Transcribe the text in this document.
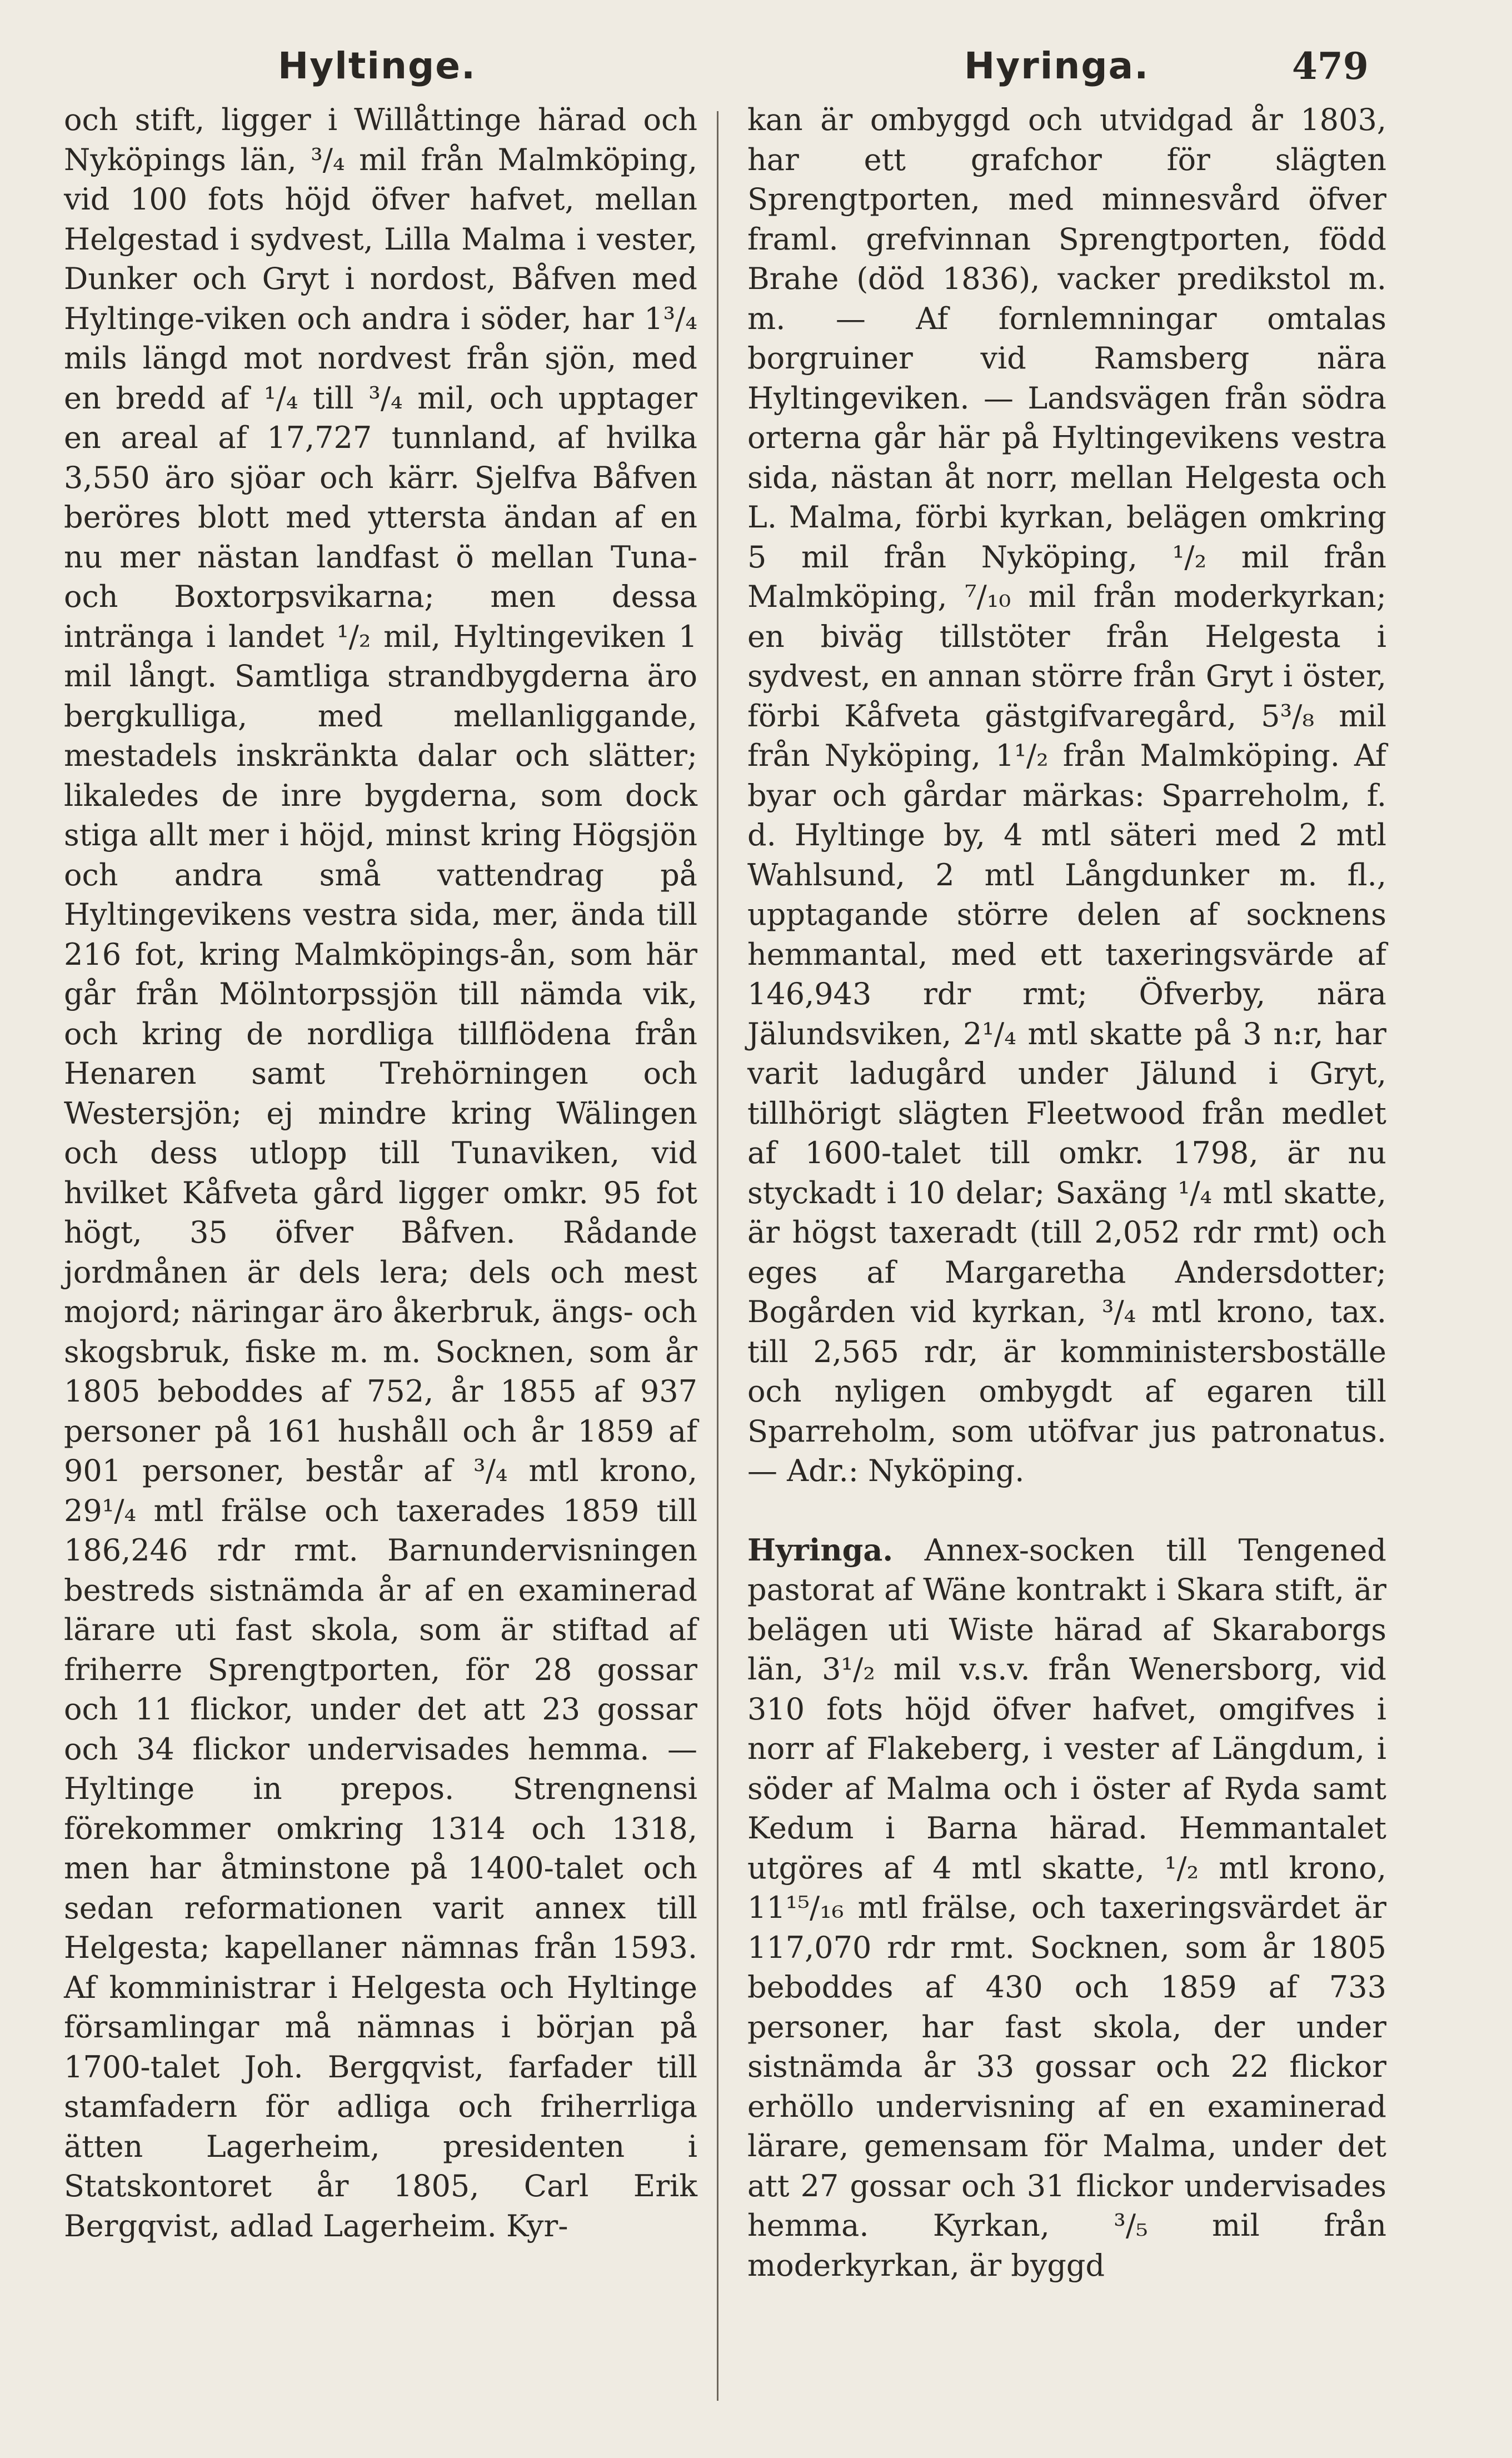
Hyltinge.	Hyringa.	479

och stift, ligger i Willåttinge härad och Nyköpings län, ³/₄ mil från Malmköping, vid 100 fots höjd öfver hafvet, mellan Helgestad i sydvest, Lilla Malma i vester, Dunker och Gryt i nordost, Båfven med Hyltinge-viken och andra i söder, har 1³/₄ mils längd mot nordvest från sjön, med en bredd af ¹/₄ till ³/₄ mil, och upptager en areal af 17,727 tunnland, af hvilka 3,550 äro sjöar och kärr. Sjelfva Båfven beröres blott med yttersta ändan af en nu mer nästan landfast ö mellan Tuna- och Boxtorpsvikarna; men dessa intränga i landet ¹/₂ mil, Hyltingeviken 1 mil långt. Samtliga strandbygderna äro bergkulliga, med mellanliggande, mestadels inskränkta dalar och slätter; likaledes de inre bygderna, som dock stiga allt mer i höjd, minst kring Högsjön och andra små vattendrag på Hyltingevikens vestra sida, mer, ända till 216 fot, kring Malmköpings-ån, som här går från Mölntorpssjön till nämda vik, och kring de nordliga tillflödena från Henaren samt Trehörningen och Westersjön; ej mindre kring Wälingen och dess utlopp till Tunaviken, vid hvilket Kåfveta gård ligger omkr. 95 fot högt, 35 öfver Båfven. Rådande jordmånen är dels lera; dels och mest mojord; näringar äro åkerbruk, ängs- och skogsbruk, fiske m. m. Socknen, som år 1805 beboddes af 752, år 1855 af 937 personer på 161 hushåll och år 1859 af 901 personer, består af ³/₄ mtl krono, 29¹/₄ mtl frälse och taxerades 1859 till 186,246 rdr rmt. Barnundervisningen bestreds sistnämda år af en examinerad lärare uti fast skola, som är stiftad af friherre Sprengtporten, för 28 gossar och 11 flickor, under det att 23 gossar och 34 flickor undervisades hemma. — Hyltinge in prepos. Strengnensi förekommer omkring 1314 och 1318, men har åtminstone på 1400-talet och sedan reformationen varit annex till Helgesta; kapellaner nämnas från 1593. Af komministrar i Helgesta och Hyltinge församlingar må nämnas i början på 1700-talet Joh. Bergqvist, farfader till stamfadern för adliga och friherrliga ätten Lagerheim, presidenten i Statskontoret år 1805, Carl Erik Bergqvist, adlad Lagerheim. Kyr-

kan är ombyggd och utvidgad år 1803, har ett grafchor för slägten Sprengtporten, med minnesvård öfver framl. grefvinnan Sprengtporten, född Brahe (död 1836), vacker predikstol m. m. — Af fornlemningar omtalas borgruiner vid Ramsberg nära Hyltingeviken. — Landsvägen från södra orterna går här på Hyltingevikens vestra sida, nästan åt norr, mellan Helgesta och L. Malma, förbi kyrkan, belägen omkring 5 mil från Nyköping, ¹/₂ mil från Malmköping, ⁷/₁₀ mil från moderkyrkan; en biväg tillstöter från Helgesta i sydvest, en annan större från Gryt i öster, förbi Kåfveta gästgifvaregård, 5³/₈ mil från Nyköping, 1¹/₂ från Malmköping. Af byar och gårdar märkas: Sparreholm, f. d. Hyltinge by, 4 mtl säteri med 2 mtl Wahlsund, 2 mtl Långdunker m. fl., upptagande större delen af socknens hemmantal, med ett taxeringsvärde af 146,943 rdr rmt; Öfverby, nära Jälundsviken, 2¹/₄ mtl skatte på 3 n:r, har varit ladugård under Jälund i Gryt, tillhörigt slägten Fleetwood från medlet af 1600-talet till omkr. 1798, är nu styckadt i 10 delar; Saxäng ¹/₄ mtl skatte, är högst taxeradt (till 2,052 rdr rmt) och eges af Margaretha Andersdotter; Bogården vid kyrkan, ³/₄ mtl krono, tax. till 2,565 rdr, är komministersboställe och nyligen ombygdt af egaren till Sparreholm, som utöfvar jus patronatus. — Adr.: Nyköping.

Hyringa. Annex-socken till Tengened pastorat af Wäne kontrakt i Skara stift, är belägen uti Wiste härad af Skaraborgs län, 3¹/₂ mil v.s.v. från Wenersborg, vid 310 fots höjd öfver hafvet, omgifves i norr af Flakeberg, i vester af Längdum, i söder af Malma och i öster af Ryda samt Kedum i Barna härad. Hemmantalet utgöres af 4 mtl skatte, ¹/₂ mtl krono, 11¹⁵/₁₆ mtl frälse, och taxeringsvärdet är 117,070 rdr rmt. Socknen, som år 1805 beboddes af 430 och 1859 af 733 personer, har fast skola, der under sistnämda år 33 gossar och 22 flickor erhöllo undervisning af en examinerad lärare, gemensam för Malma, under det att 27 gossar och 31 flickor undervisades hemma. Kyrkan, ³/₅ mil från moderkyrkan, är byggd
